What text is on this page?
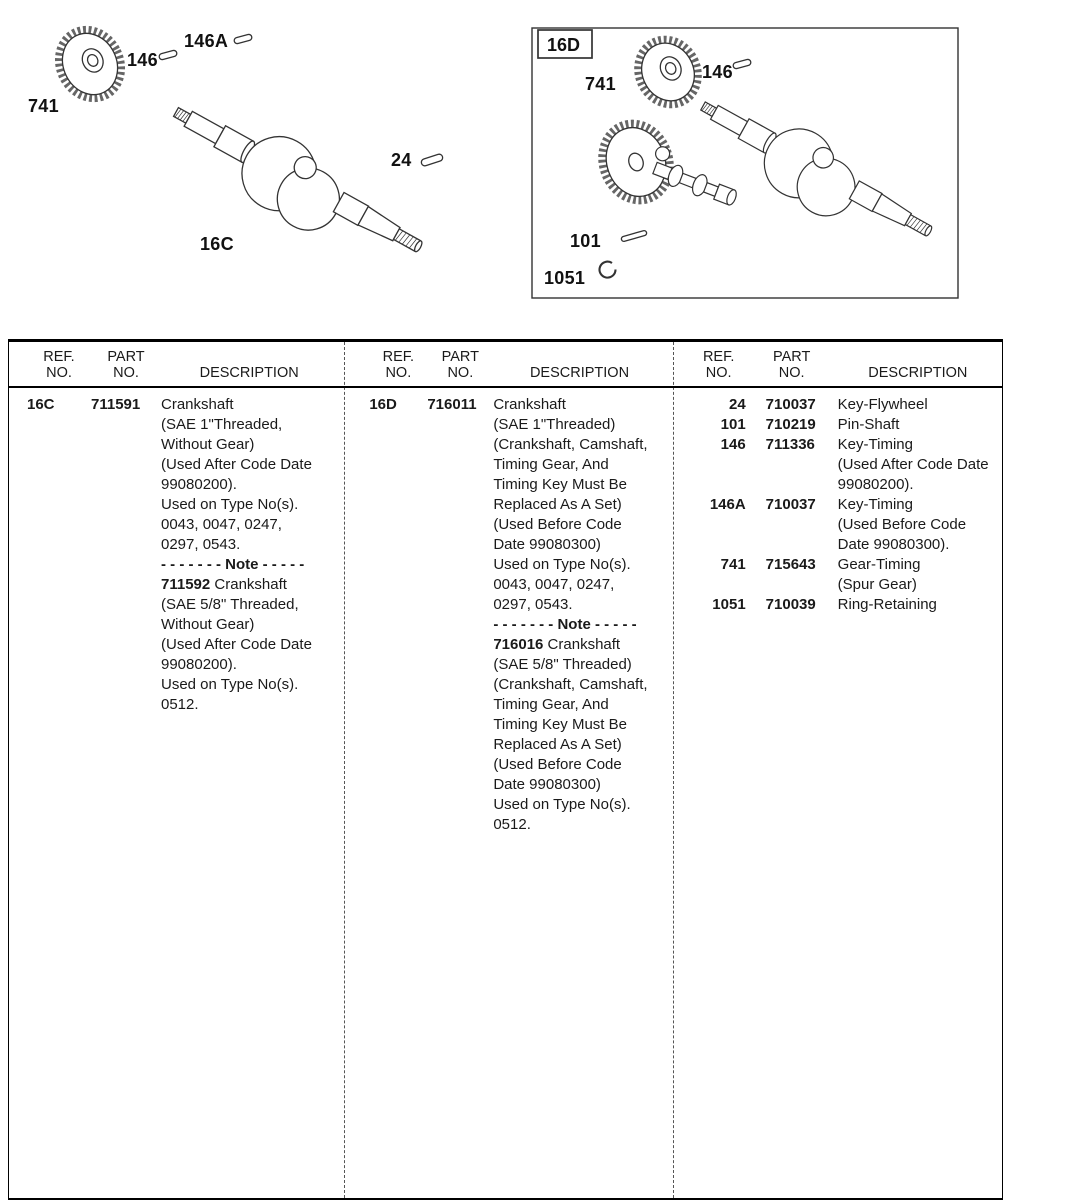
741
146
146A
24
16C
16D
741
146
101
1051
REF.
NO.
PART
NO.	DESCRIPTION
16C	711591	Crankshaft
(SAE 1"Threaded,
Without Gear)
(Used After Code Date
99080200).
Used on Type No(s).
0043, 0047, 0247,
0297, 0543.
- - - - - - - Note - - - - -
711592 Crankshaft
(SAE 5/8" Threaded,
Without Gear)
(Used After Code Date
99080200).
Used on Type No(s).
0512.
REF.
NO.
PART
NO.	DESCRIPTION
16D	716011	Crankshaft
(SAE 1"Threaded)
(Crankshaft, Camshaft,
Timing Gear, And
Timing Key Must Be
Replaced As A Set)
(Used Before Code
Date 99080300)
Used on Type No(s).
0043, 0047, 0247,
0297, 0543.
- - - - - - - Note - - - - -
716016 Crankshaft
(SAE 5/8" Threaded)
(Crankshaft, Camshaft,
Timing Gear, And
Timing Key Must Be
Replaced As A Set)
(Used Before Code
Date 99080300)
Used on Type No(s).
0512.
REF.
NO.
PART
NO.	DESCRIPTION
24	710037	Key-Flywheel
101	710219	Pin-Shaft
146	711336	Key-Timing
(Used After Code Date
99080200).
146A	710037	Key-Timing
(Used Before Code
Date 99080300).
741	715643	Gear-Timing
(Spur Gear)
1051	710039	Ring-Retaining
